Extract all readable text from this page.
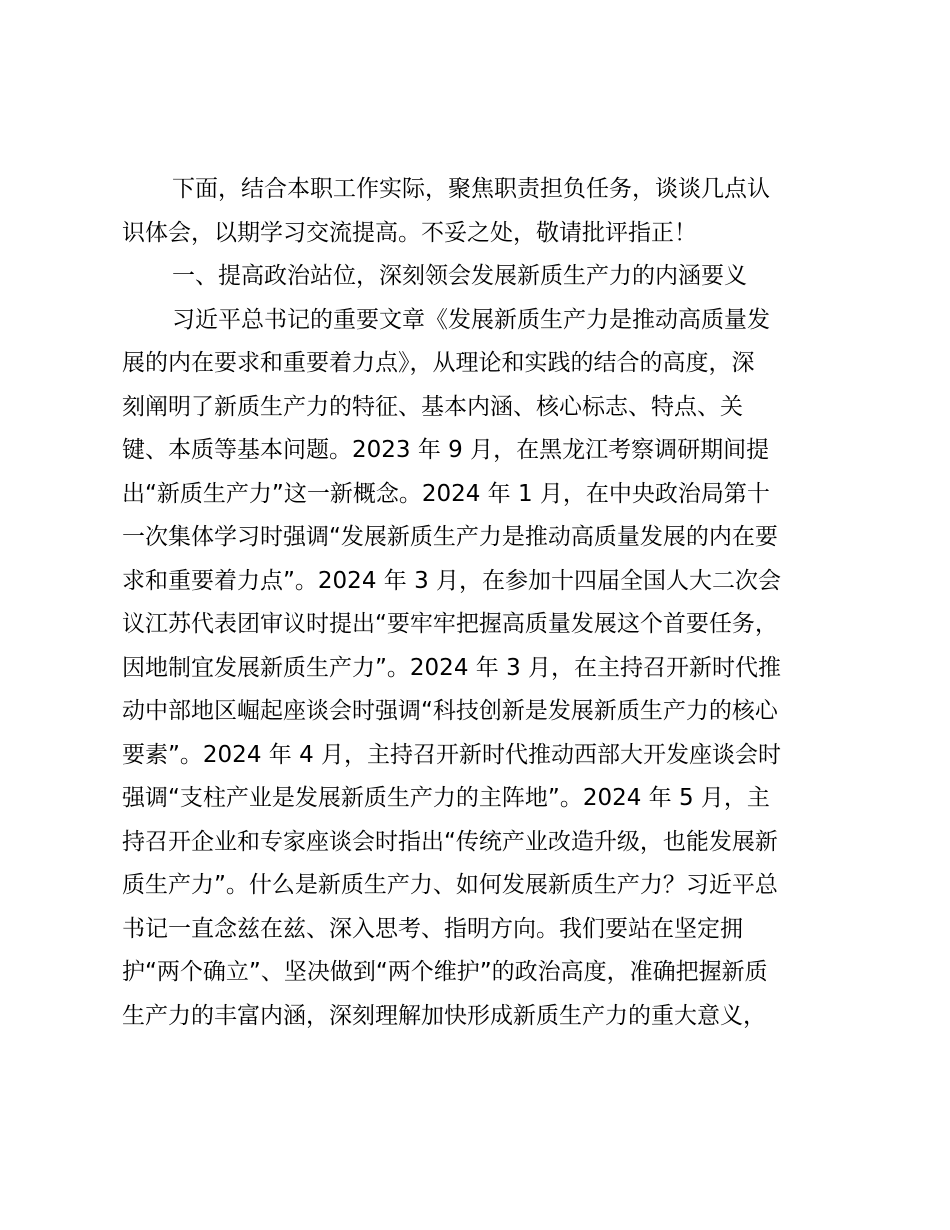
下面，结合本职工作实际，聚焦职责担负任务，谈谈几点认
识体会，以期学习交流提高。不妥之处，敬请批评指正！
一、提高政治站位，深刻领会发展新质生产力的内涵要义
习近平总书记的重要文章《发展新质生产力是推动高质量发
展的内在要求和重要着力点》，从理论和实践的结合的高度，深
刻阐明了新质生产力的特征、基本内涵、核心标志、特点、关
键、本质等基本问题。2023 年 9 月，在黑龙江考察调研期间提
出“新质生产力”这一新概念。2024 年 1 月，在中央政治局第十
一次集体学习时强调“发展新质生产力是推动高质量发展的内在要
求和重要着力点”。2024 年 3 月，在参加十四届全国人大二次会
议江苏代表团审议时提出“要牢牢把握高质量发展这个首要任务，
因地制宜发展新质生产力”。2024 年 3 月，在主持召开新时代推
动中部地区崛起座谈会时强调“科技创新是发展新质生产力的核心
要素”。2024 年 4 月，主持召开新时代推动西部大开发座谈会时
强调“支柱产业是发展新质生产力的主阵地”。2024 年 5 月，主
持召开企业和专家座谈会时指出“传统产业改造升级，也能发展新
质生产力”。什么是新质生产力、如何发展新质生产力？习近平总
书记一直念兹在兹、深入思考、指明方向。我们要站在坚定拥
护“两个确立”、坚决做到“两个维护”的政治高度，准确把握新质
生产力的丰富内涵，深刻理解加快形成新质生产力的重大意义，
